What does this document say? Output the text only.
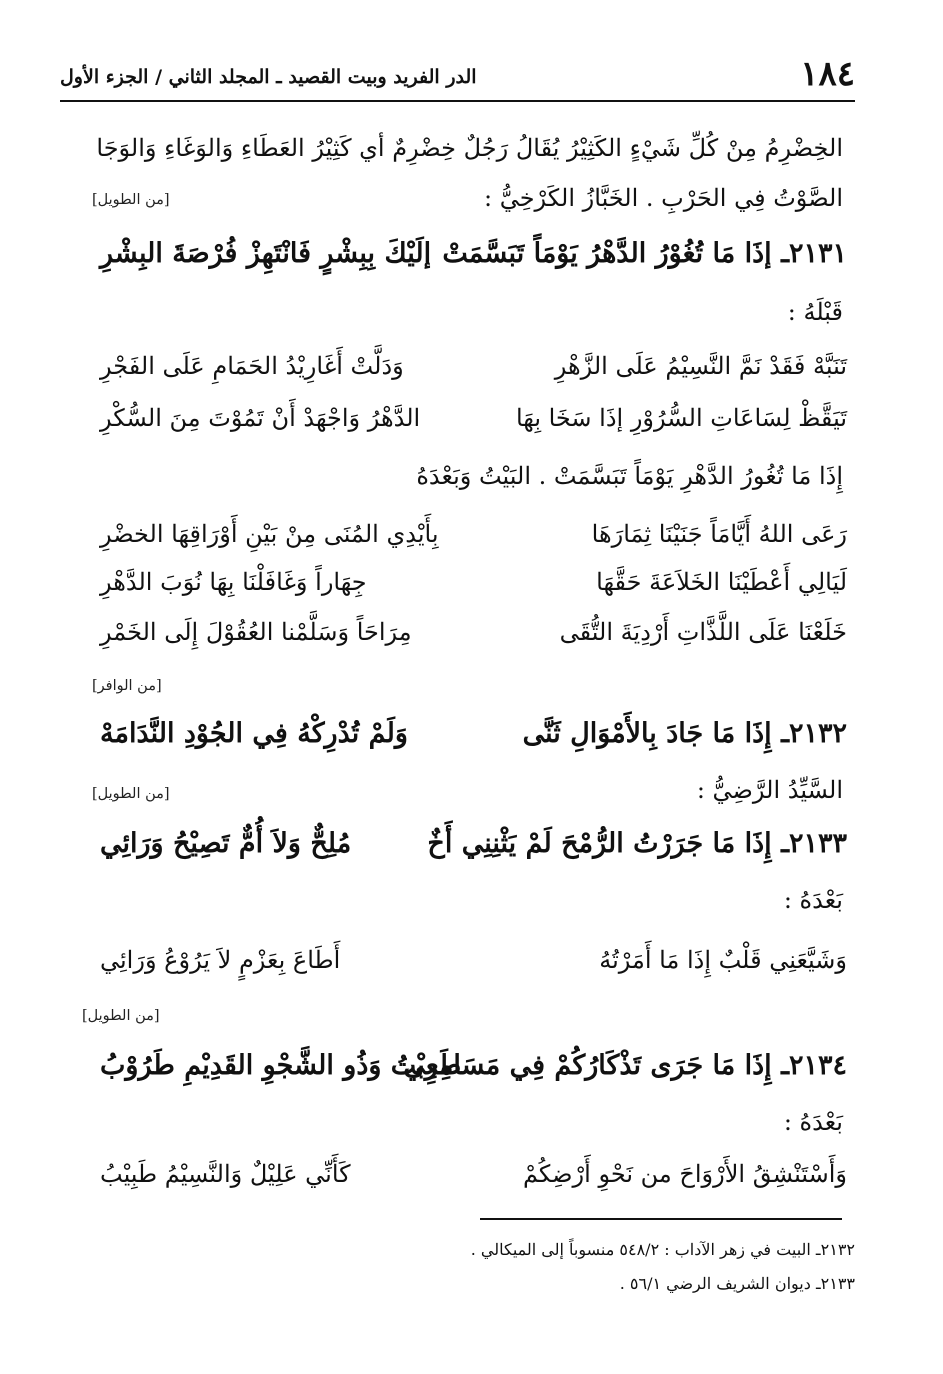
١٨٤
الدر الفريد وبيت القصيد ـ المجلد الثاني / الجزء الأول
الخِضْرِمُ مِنْ كُلِّ شَيْءٍ الكَثِيْرُ يُقَالُ رَجُلٌ خِضْرِمٌ أي كَثِيْرُ العَطَاءِ وَالوَغَاءِ وَالوَجَا
الصَّوْتُ فِي الحَرْبِ . الخَبَّازُ الكَرْخِيُّ :
[من الطويل]
٢١٣١ـ إذَا مَا تُغُوْرُ الدَّهْرُ يَوْمَاً تَبَسَّمَتْ
إلَيْكَ بِبِشْرٍ فَانْتَهِزْ فُرْصَةَ البِشْرِ
قَبْلَهُ :
تَنَبَّهْ فَقَدْ نَمَّ النَّسِيْمُ عَلَى الزَّهْرِ
وَدَلَّتْ أَغَارِيْدُ الحَمَامِ عَلَى الفَجْرِ
تَيَقَّظْ لِسَاعَاتِ السُّرُوْرِ إذَا سَخَا بِهَا
الدَّهْرُ وَاجْهَدْ أَنْ تَمُوْتَ مِنَ السُّكْرِ
إِذَا مَا تُغُورُ الدَّهْرِ يَوْمَاً تَبَسَّمَتْ . البَيْتُ وَبَعْدَهُ
رَعَى اللهُ أَيَّامَاً جَنَيْنَا ثِمَارَهَا
بِأَيْدِي المُنَى مِنْ بَيْنِ أَوْرَاقِهَا الخضْرِ
لَيَالِي أَعْطَيْنَا الخَلاَعَةَ حَقَّهَا
جِهَاراً وَغَافَلْنَا بِهَا نُوَبَ الدَّهْرِ
خَلَعْنَا عَلَى اللَّذَّاتِ أَرْدِيَةَ التُّقَى
مِرَاحَاً وَسَلَّمْنا العُقُوْلَ إِلَى الخَمْرِ
[من الوافر]
٢١٣٢ـ إِذَا مَا جَادَ بِالأَمْوَالِ ثَنَّى
وَلَمْ تُدْرِكْهُ فِي الجُوْدِ النَّدَامَهْ
السَّيِّدُ الرَّضِيُّ :
[من الطويل]
٢١٣٣ـ إِذَا مَا جَرَرْتُ الرُّمْحَ لَمْ يَثْنِنِي أَخٌ
مُلِحٌّ وَلاَ أُمٌّ تَصِيْحُ وَرَائِي
بَعْدَهُ :
وَشَيَّعَنِي قَلْبٌ إِذَا مَا أَمَرْتُهُ
أَطَاعَ بِعَزْمٍ لاَ يَرُوْعُ وَرَائِي
[من الطويل]
٢١٣٤ـ إِذَا مَا جَرَى تَذْكَارُكُمْ فِي مَسَامِعِي
طَرِبْتُ وَذُو الشَّجْوِ القَدِيْمِ طَرُوْبُ
بَعْدَهُ :
وَأَسْتَنْشِقُ الأَرْوَاحَ من نَحْوِ أَرْضِكُمْ
كَأَنِّي عَلِيْلٌ وَالنَّسِيْمُ طَبِيْبُ
٢١٣٢ـ البيت في زهر الآداب : ٥٤٨/٢ منسوباً إلى الميكالي .
٢١٣٣ـ ديوان الشريف الرضي ٥٦/١ .
